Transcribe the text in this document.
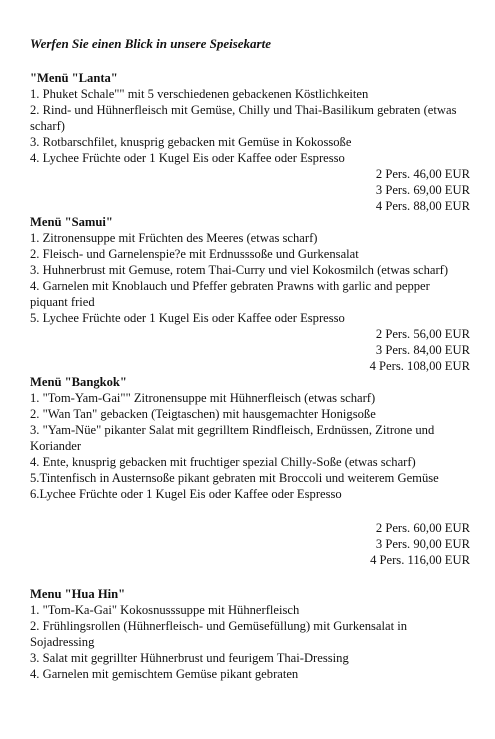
Werfen Sie einen Blick in unsere Speisekarte
"Menü "Lanta"
1. Phuket Schale"" mit 5 verschiedenen gebackenen Köstlichkeiten
2. Rind- und Hühnerfleisch mit Gemüse, Chilly und Thai-Basilikum gebraten (etwas scharf)
3. Rotbarschfilet, knusprig gebacken mit Gemüse in Kokossoße
4. Lychee Früchte oder 1 Kugel Eis oder Kaffee oder Espresso
2 Pers. 46,00 EUR
3 Pers. 69,00 EUR
4 Pers. 88,00 EUR
Menü "Samui"
1. Zitronensuppe mit Früchten des Meeres (etwas scharf)
2. Fleisch- und Garnelenspie?e mit Erdnusssoße und Gurkensalat
3. Huhnerbrust mit Gemuse, rotem Thai-Curry und viel Kokosmilch (etwas scharf)
4. Garnelen mit Knoblauch und Pfeffer gebraten Prawns with garlic and pepper piquant fried
5. Lychee Früchte oder 1 Kugel Eis oder Kaffee oder Espresso
2 Pers. 56,00 EUR
3 Pers. 84,00 EUR
4 Pers. 108,00 EUR
Menü "Bangkok"
1. "Tom-Yam-Gai"" Zitronensuppe mit Hühnerfleisch (etwas scharf)
2. "Wan Tan" gebacken (Teigtaschen) mit hausgemachter Honigsoße
3. "Yam-Nüe" pikanter Salat mit gegrilltem Rindfleisch, Erdnüssen, Zitrone und Koriander
4. Ente, knusprig gebacken mit fruchtiger spezial Chilly-Soße (etwas scharf)
5.Tintenfisch in Austernsoße pikant gebraten mit Broccoli und weiterem Gemüse
6.Lychee Früchte oder 1 Kugel Eis oder Kaffee oder Espresso
2 Pers. 60,00 EUR
3 Pers. 90,00 EUR
4 Pers. 116,00 EUR
Menu "Hua Hin"
1. "Tom-Ka-Gai" Kokosnusssuppe mit Hühnerfleisch
2. Frühlingsrollen (Hühnerfleisch- und Gemüsefüllung) mit Gurkensalat in Sojadressing
3. Salat mit gegrillter Hühnerbrust und feurigem Thai-Dressing
4. Garnelen mit gemischtem Gemüse pikant gebraten
